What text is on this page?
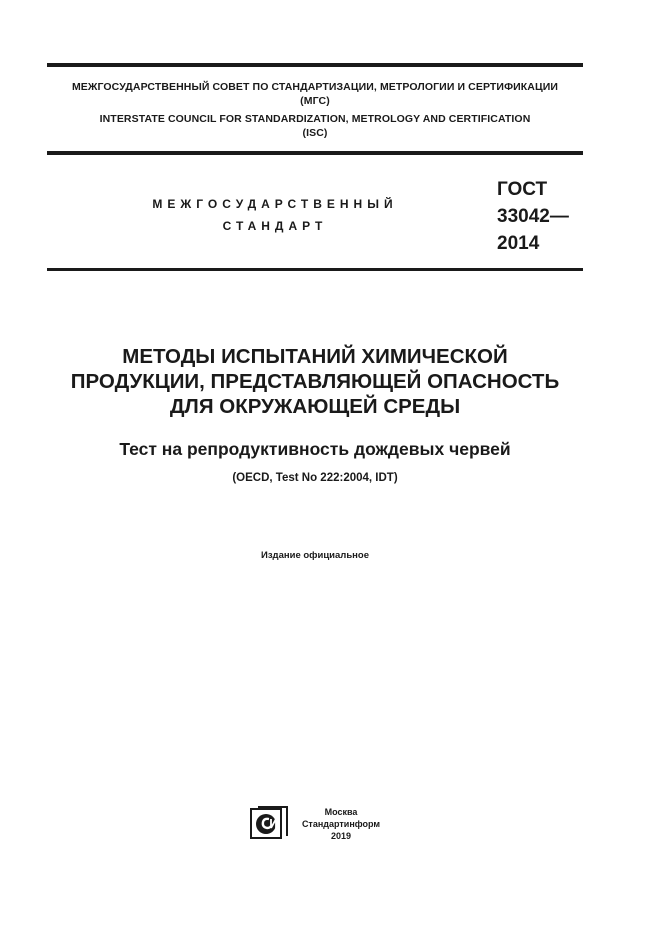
МЕЖГОСУДАРСТВЕННЫЙ СОВЕТ ПО СТАНДАРТИЗАЦИИ, МЕТРОЛОГИИ И СЕРТИФИКАЦИИ
(МГС)
INTERSTATE COUNCIL FOR STANDARDIZATION, METROLOGY AND CERTIFICATION
(ISC)
МЕЖГОСУДАРСТВЕННЫЙ
СТАНДАРТ
ГОСТ
33042—
2014
МЕТОДЫ ИСПЫТАНИЙ ХИМИЧЕСКОЙ
ПРОДУКЦИИ, ПРЕДСТАВЛЯЮЩЕЙ ОПАСНОСТЬ
ДЛЯ ОКРУЖАЮЩЕЙ СРЕДЫ
Тест на репродуктивность дождевых червей
(OECD, Test No 222:2004, IDT)
Издание официальное
Москва
Стандартинформ
2019
